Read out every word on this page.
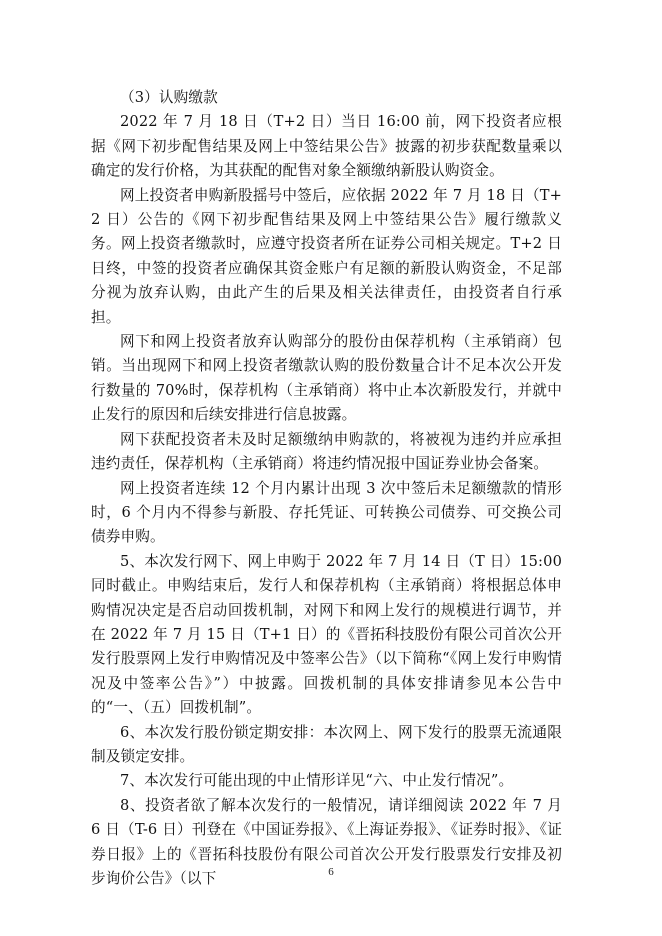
（3）认购缴款

2022 年 7 月 18 日（T+2 日）当日 16:00 前，网下投资者应根据《网下初步配售结果及网上中签结果公告》披露的初步获配数量乘以确定的发行价格，为其获配的配售对象全额缴纳新股认购资金。

网上投资者申购新股摇号中签后，应依据 2022 年 7 月 18 日（T+2 日）公告的《网下初步配售结果及网上中签结果公告》履行缴款义务。网上投资者缴款时，应遵守投资者所在证券公司相关规定。T+2 日日终，中签的投资者应确保其资金账户有足额的新股认购资金，不足部分视为放弃认购，由此产生的后果及相关法律责任，由投资者自行承担。

网下和网上投资者放弃认购部分的股份由保荐机构（主承销商）包销。当出现网下和网上投资者缴款认购的股份数量合计不足本次公开发行数量的 70%时，保荐机构（主承销商）将中止本次新股发行，并就中止发行的原因和后续安排进行信息披露。

网下获配投资者未及时足额缴纳申购款的，将被视为违约并应承担违约责任，保荐机构（主承销商）将违约情况报中国证券业协会备案。

网上投资者连续 12 个月内累计出现 3 次中签后未足额缴款的情形时，6 个月内不得参与新股、存托凭证、可转换公司债券、可交换公司债券申购。

5、本次发行网下、网上申购于 2022 年 7 月 14 日（T 日）15:00 同时截止。申购结束后，发行人和保荐机构（主承销商）将根据总体申购情况决定是否启动回拨机制，对网下和网上发行的规模进行调节，并在 2022 年 7 月 15 日（T+1 日）的《晋拓科技股份有限公司首次公开发行股票网上发行申购情况及中签率公告》（以下简称“《网上发行申购情况及中签率公告》”）中披露。回拨机制的具体安排请参见本公告中的“一、（五）回拨机制”。

6、本次发行股份锁定期安排：本次网上、网下发行的股票无流通限制及锁定安排。

7、本次发行可能出现的中止情形详见“六、中止发行情况”。

8、投资者欲了解本次发行的一般情况，请详细阅读 2022 年 7 月 6 日（T-6 日）刊登在《中国证券报》、《上海证券报》、《证券时报》、《证券日报》上的《晋拓科技股份有限公司首次公开发行股票发行安排及初步询价公告》（以下	6
